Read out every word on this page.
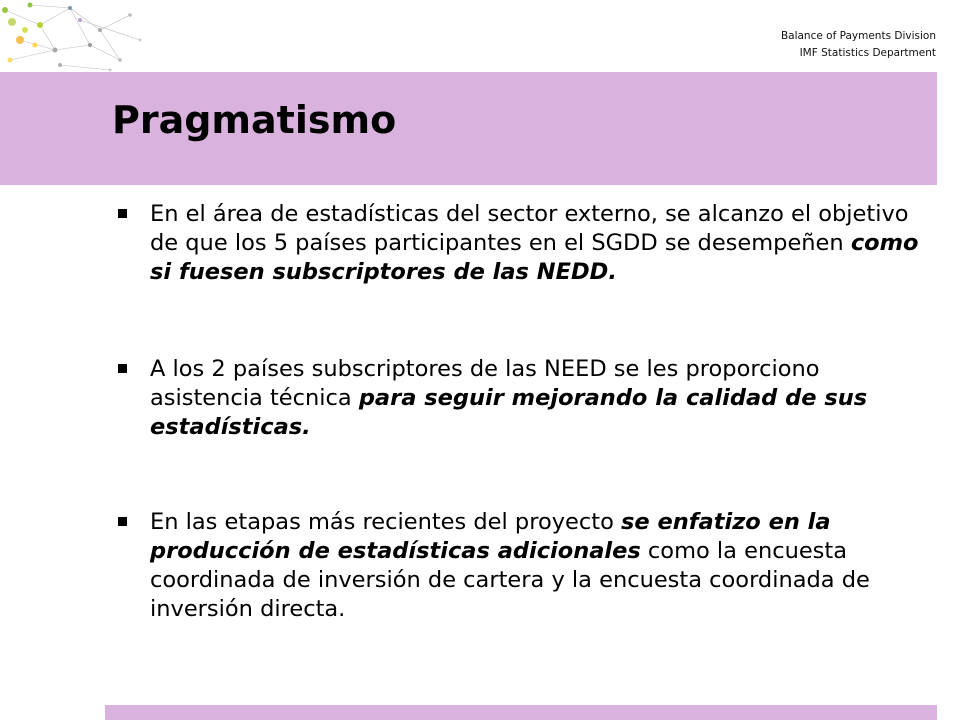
Balance of Payments Division
IMF Statistics Department
Pragmatismo
En el área de estadísticas del sector externo, se alcanzo el objetivo de que los 5 países participantes en el SGDD se desempeñen como si fuesen subscriptores de las NEDD.
A los 2 países subscriptores de las NEED se les proporciono asistencia técnica para seguir mejorando la calidad de sus estadísticas.
En las etapas más recientes del proyecto se enfatizo en la producción de estadísticas adicionales como la encuesta coordinada de inversión de cartera y la encuesta coordinada de inversión directa.
